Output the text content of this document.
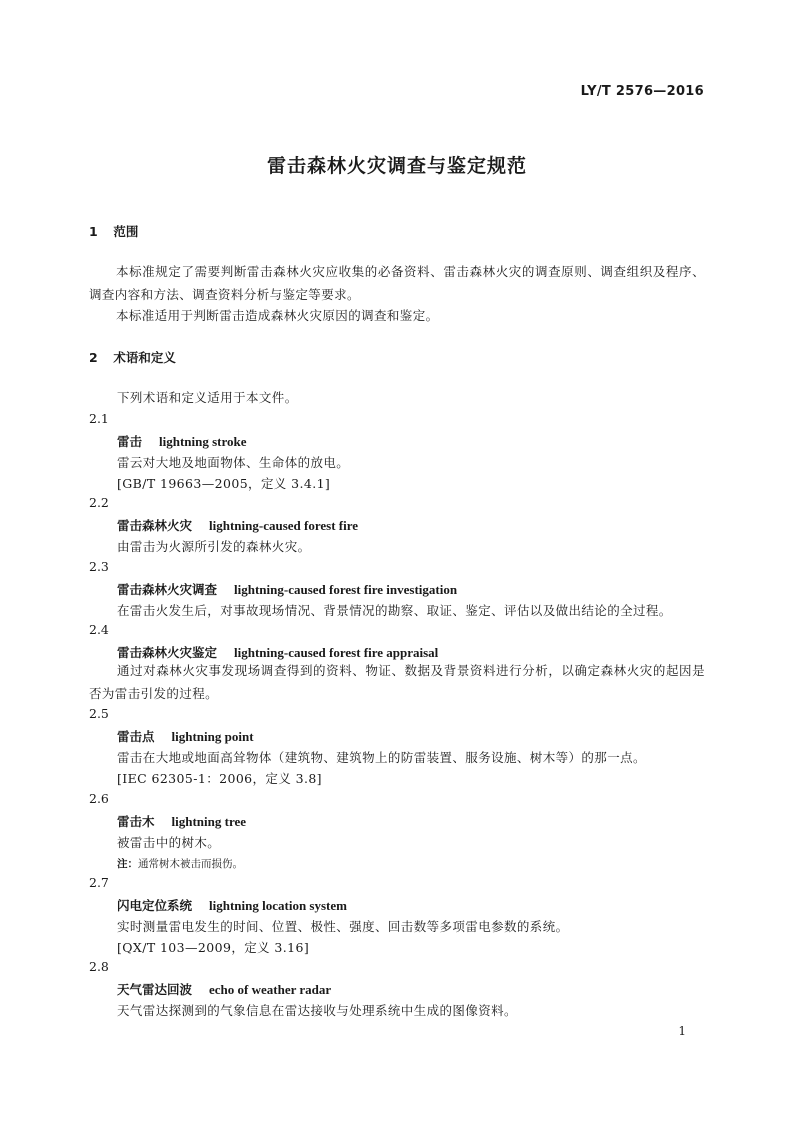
LY/T 2576—2016
雷击森林火灾调查与鉴定规范
1 范围
本标准规定了需要判断雷击森林火灾应收集的必备资料、雷击森林火灾的调查原则、调查组织及程序、调查内容和方法、调查资料分析与鉴定等要求。
本标准适用于判断雷击造成森林火灾原因的调查和鉴定。
2 术语和定义
下列术语和定义适用于本文件。
2.1
雷击 lightning stroke
雷云对大地及地面物体、生命体的放电。
[GB/T 19663—2005，定义 3.4.1]
2.2
雷击森林火灾 lightning-caused forest fire
由雷击为火源所引发的森林火灾。
2.3
雷击森林火灾调查 lightning-caused forest fire investigation
在雷击火发生后，对事故现场情况、背景情况的勘察、取证、鉴定、评估以及做出结论的全过程。
2.4
雷击森林火灾鉴定 lightning-caused forest fire appraisal
通过对森林火灾事发现场调查得到的资料、物证、数据及背景资料进行分析，以确定森林火灾的起因是否为雷击引发的过程。
2.5
雷击点 lightning point
雷击在大地或地面高耸物体（建筑物、建筑物上的防雷装置、服务设施、树木等）的那一点。
[IEC 62305-1：2006，定义 3.8]
2.6
雷击木 lightning tree
被雷击中的树木。
注：通常树木被击而损伤。
2.7
闪电定位系统 lightning location system
实时测量雷电发生的时间、位置、极性、强度、回击数等多项雷电参数的系统。
[QX/T 103—2009，定义 3.16]
2.8
天气雷达回波 echo of weather radar
天气雷达探测到的气象信息在雷达接收与处理系统中生成的图像资料。
1
